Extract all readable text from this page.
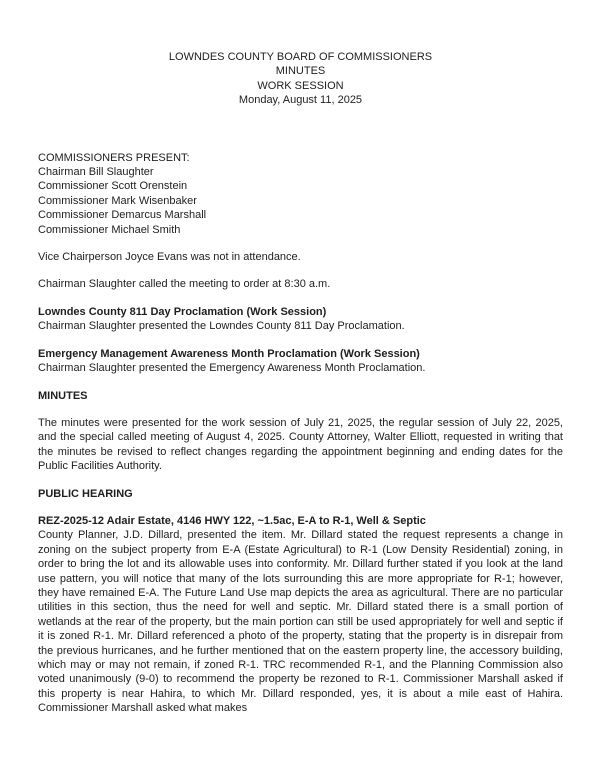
LOWNDES COUNTY BOARD OF COMMISSIONERS
MINUTES
WORK SESSION
Monday, August 11, 2025
COMMISSIONERS PRESENT:
Chairman Bill Slaughter
Commissioner Scott Orenstein
Commissioner Mark Wisenbaker
Commissioner Demarcus Marshall
Commissioner Michael Smith
Vice Chairperson Joyce Evans was not in attendance.
Chairman Slaughter called the meeting to order at 8:30 a.m.
Lowndes County 811 Day Proclamation (Work Session)
Chairman Slaughter presented the Lowndes County 811 Day Proclamation.
Emergency Management Awareness Month Proclamation (Work Session)
Chairman Slaughter presented the Emergency Awareness Month Proclamation.
MINUTES
The minutes were presented for the work session of July 21, 2025, the regular session of July 22, 2025, and the special called meeting of August 4, 2025. County Attorney, Walter Elliott, requested in writing that the minutes be revised to reflect changes regarding the appointment beginning and ending dates for the Public Facilities Authority.
PUBLIC HEARING
REZ-2025-12 Adair Estate, 4146 HWY 122, ~1.5ac, E-A to R-1, Well & Septic
County Planner, J.D. Dillard, presented the item. Mr. Dillard stated the request represents a change in zoning on the subject property from E-A (Estate Agricultural) to R-1 (Low Density Residential) zoning, in order to bring the lot and its allowable uses into conformity. Mr. Dillard further stated if you look at the land use pattern, you will notice that many of the lots surrounding this are more appropriate for R-1; however, they have remained E-A. The Future Land Use map depicts the area as agricultural. There are no particular utilities in this section, thus the need for well and septic. Mr. Dillard stated there is a small portion of wetlands at the rear of the property, but the main portion can still be used appropriately for well and septic if it is zoned R-1. Mr. Dillard referenced a photo of the property, stating that the property is in disrepair from the previous hurricanes, and he further mentioned that on the eastern property line, the accessory building, which may or may not remain, if zoned R-1. TRC recommended R-1, and the Planning Commission also voted unanimously (9-0) to recommend the property be rezoned to R-1. Commissioner Marshall asked if this property is near Hahira, to which Mr. Dillard responded, yes, it is about a mile east of Hahira. Commissioner Marshall asked what makes
